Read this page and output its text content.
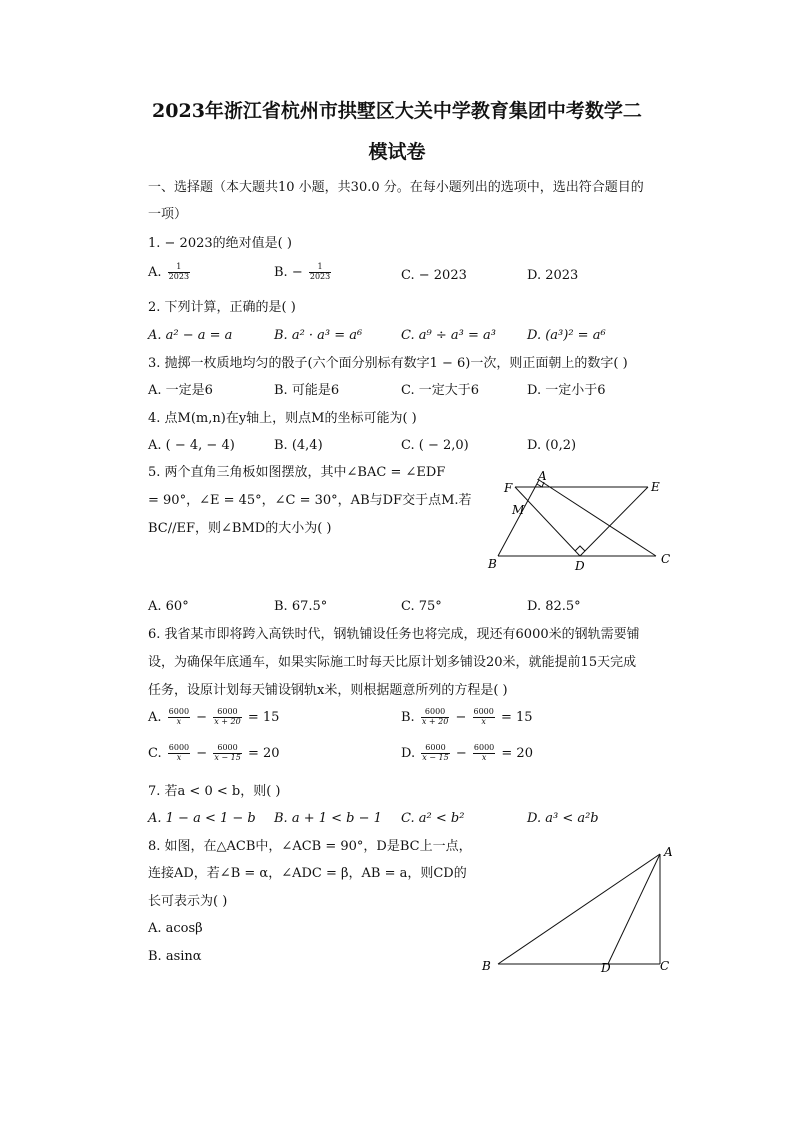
2023年浙江省杭州市拱墅区大关中学教育集团中考数学二
模试卷
一、选择题（本大题共10 小题，共30.0 分。在每小题列出的选项中，选出符合题目的
一项）
1. − 2023的绝对值是( )
A. $\frac{1}{2023}$	B. − $\frac{1}{2023}$	C. − 2023	D. 2023
2. 下列计算，正确的是( )
A. a² − a = a	B. a² · a³ = a⁶	C. a⁹ ÷ a³ = a³ D. (a³)² = a⁶
3. 抛掷一枚质地均匀的骰子(六个面分别标有数字1 − 6)一次，则正面朝上的数字( )
A. 一定是6	B. 可能是6	C. 一定大于6	D. 一定小于6
4. 点M(m,n)在y轴上，则点M的坐标可能为( )
A. ( − 4, − 4)	B. (4,4)	C. ( − 2,0)	D. (0,2)
5. 两个直角三角板如图摆放，其中∠BAC = ∠EDF
= 90°，∠E = 45°，∠C = 30°，AB与DF交于点M.若
BC//EF，则∠BMD的大小为( )
F
A
E
M
B	D	C
A. 60°	B. 67.5°	C. 75°	D. 82.5°
6. 我省某市即将跨入高铁时代，钢轨铺设任务也将完成，现还有6000米的钢轨需要铺
设，为确保年底通车，如果实际施工时每天比原计划多铺设20米，就能提前15天完成
任务，设原计划每天铺设钢轨x米，则根据题意所列的方程是( )
A. $\frac{6000}{x} - \frac{6000}{x + 20} = 15$	B. $\frac{6000}{x + 20} - \frac{6000}{x} = 15$
C. $\frac{6000}{x} - \frac{6000}{x - 15} = 20$	D. $\frac{6000}{x - 15} - \frac{6000}{x} = 20$
7. 若a < 0 < b，则( )
A. 1 − a < 1 − b B. a + 1 < b − 1 C. a² < b²	D. a³ < a²b
8. 如图，在△ACB中，∠ACB = 90°，D是BC上一点，
连接AD，若∠B = α，∠ADC = β，AB = a，则CD的
长可表示为( )
A. acosβ
B. asinα
A
B	D	C
